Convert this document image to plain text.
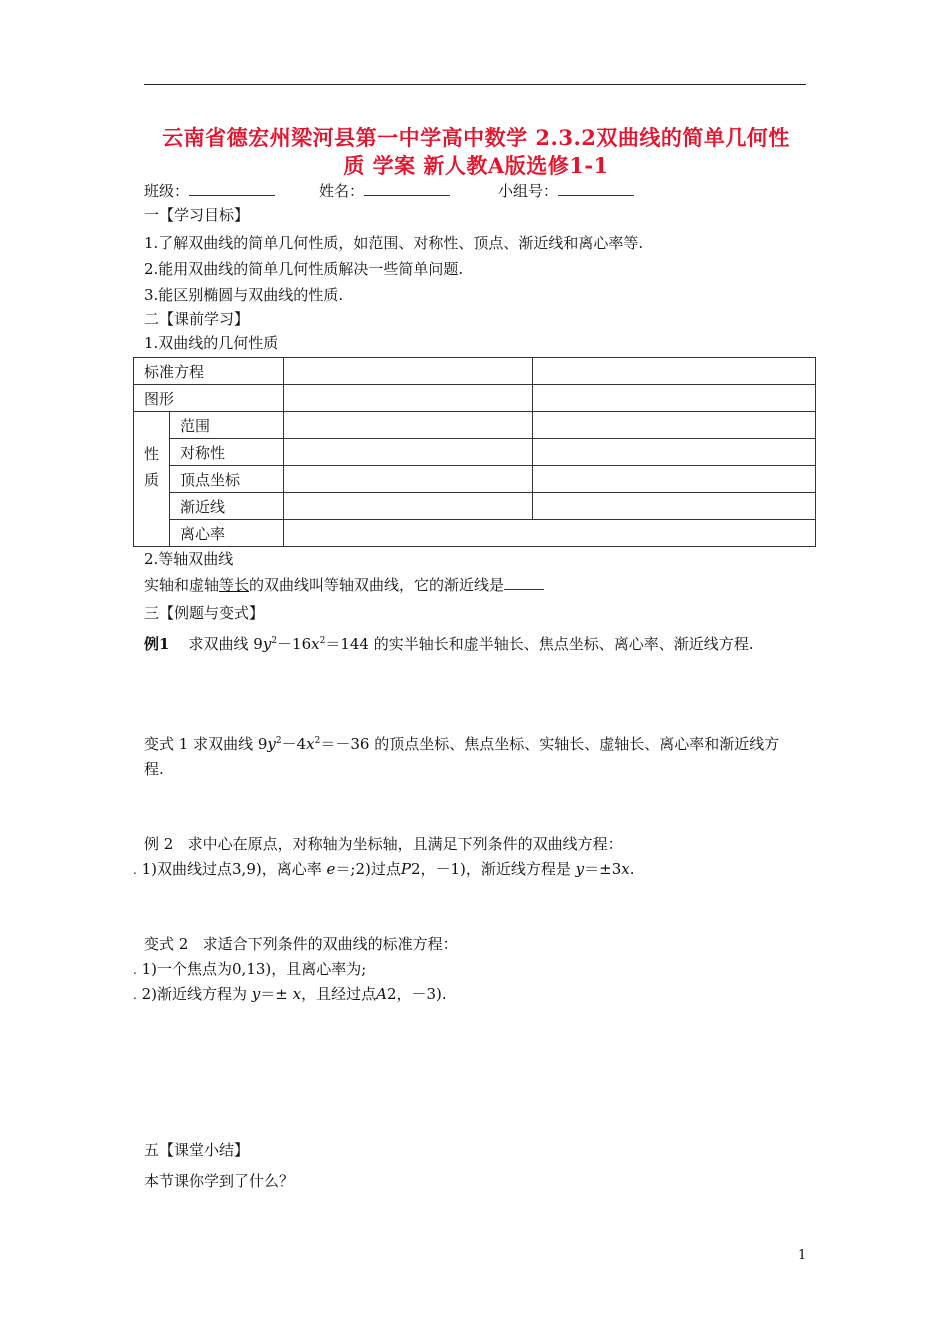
云南省德宏州梁河县第一中学高中数学 2.3.2双曲线的简单几何性
质 学案 新人教A版选修1-1
班级：	姓名：	小组号：
一【学习目标】
1.了解双曲线的简单几何性质，如范围、对称性、顶点、渐近线和离心率等.
2.能用双曲线的简单几何性质解决一些简单问题.
3.能区别椭圆与双曲线的性质.
二【课前学习】
1.双曲线的几何性质
标准方程			
图形			

性
质	范围		
	对称性		
	顶点坐标		
	渐近线		
	离心率		
2.等轴双曲线
实轴和虚轴等长的双曲线叫等轴双曲线，它的渐近线是
三【例题与变式】
例1 求双曲线 $9y^2-16x^2=144$ 的实半轴长和虚半轴长、焦点坐标、离心率、渐近线方程.
变式 1 求双曲线 $9y^2-4x^2=-36$ 的顶点坐标、焦点坐标、实轴长、虚轴长、离心率和渐近线方
程.
例 2 求中心在原点，对称轴为坐标轴，且满足下列条件的双曲线方程：
. 1)双曲线过点3,9)，离心率 e＝;2)过点P2，－1)，渐近线方程是 y＝±3x.
变式 2 求适合下列条件的双曲线的标准方程：
. 1)一个焦点为0,13)，且离心率为;
. 2)渐近线方程为 y＝± x，且经过点A2，－3).
五【课堂小结】
本节课你学到了什么？
1
